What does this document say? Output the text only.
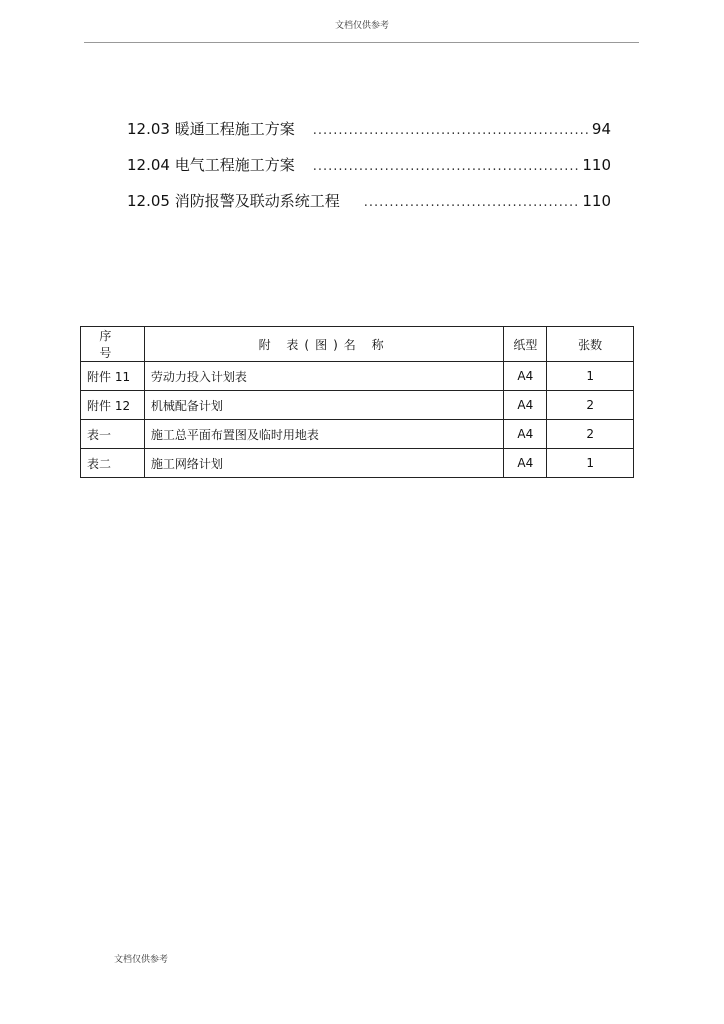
文档仅供参考
12.03 暖通工程施工方案 .....	94
12.04 电气工程施工方案 .....	110
12.05 消防报警及联动系统工程 .....	110
序 号	附 表(图)名 称	纸型	张数
附件 11	劳动力投入计划表	A4	1
附件 12	机械配备计划	A4	2
表一	施工总平面布置图及临时用地表	A4	2
表二	施工网络计划	A4	1
文档仅供参考
